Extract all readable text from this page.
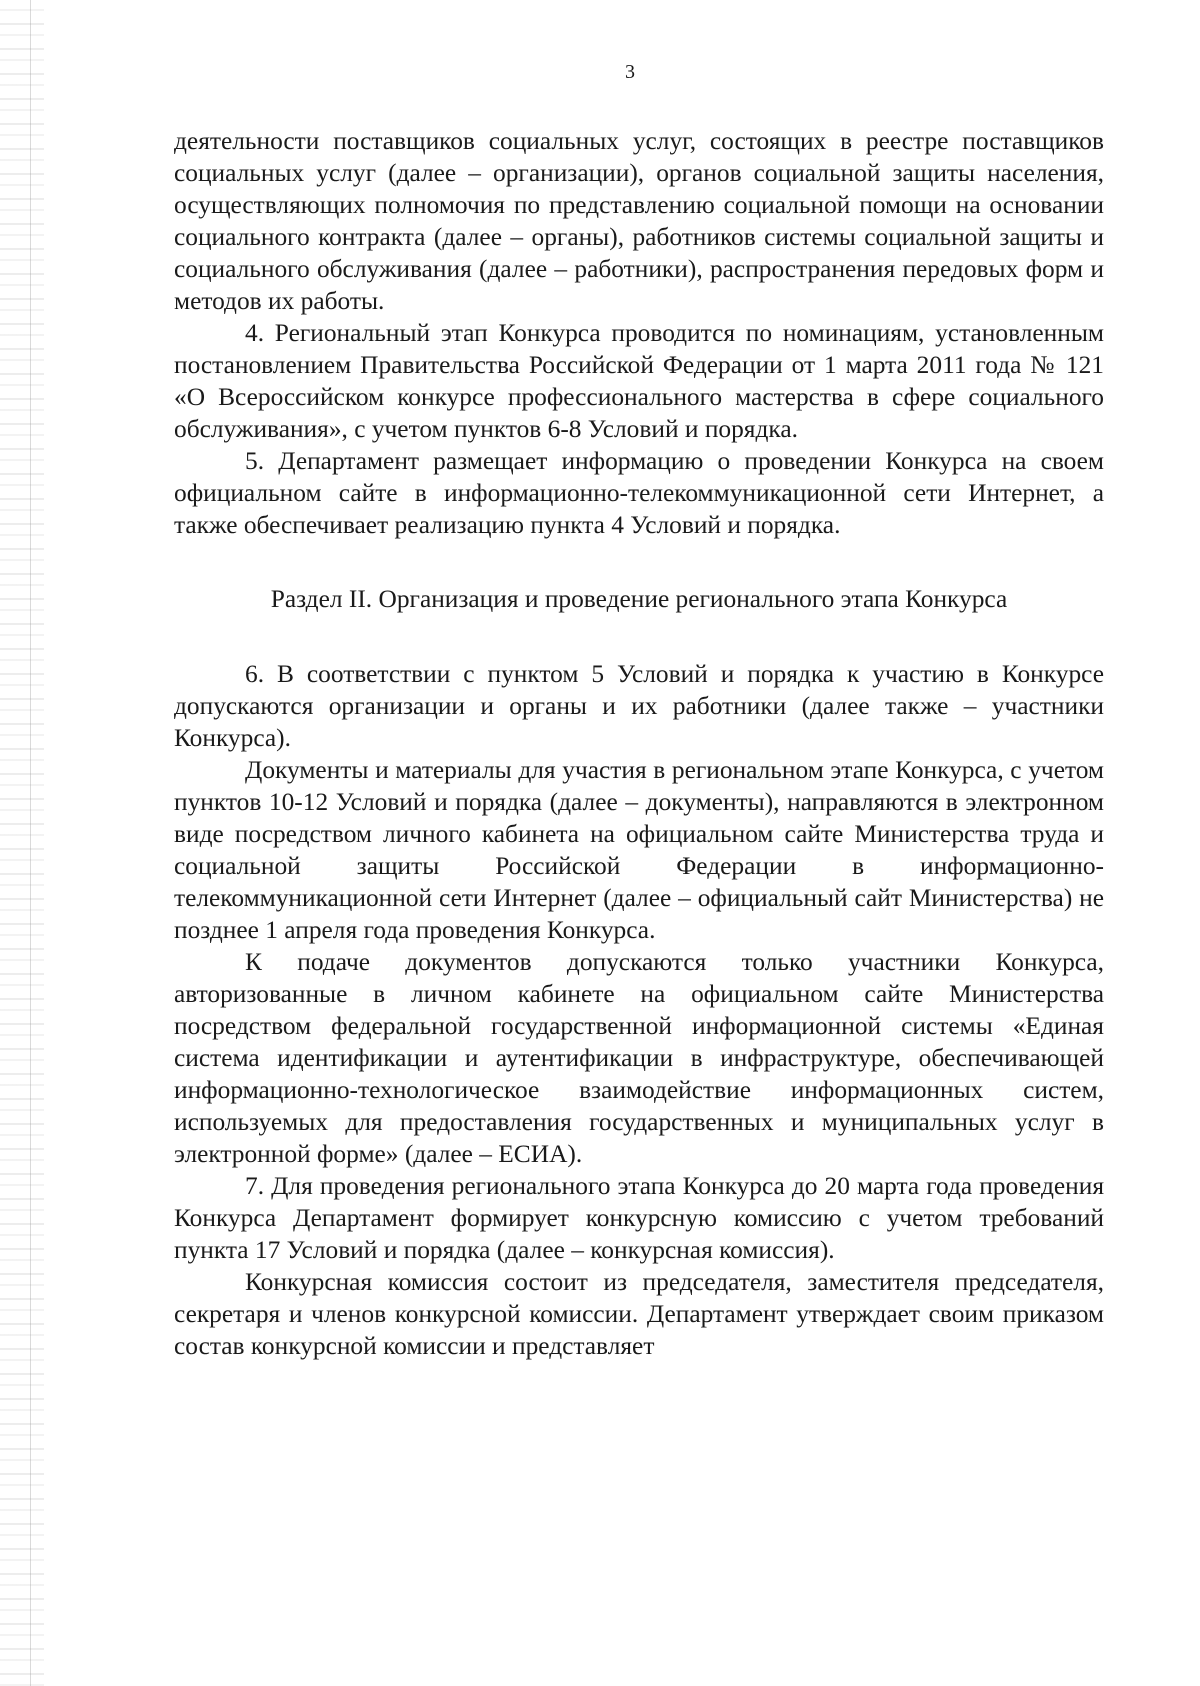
3

деятельности поставщиков социальных услуг, состоящих в реестре поставщиков социальных услуг (далее – организации), органов социальной защиты населения, осуществляющих полномочия по представлению социальной помощи на основании социального контракта (далее – органы), работников системы социальной защиты и социального обслуживания (далее – работники), распространения передовых форм и методов их работы.

4. Региональный этап Конкурса проводится по номинациям, установленным постановлением Правительства Российской Федерации от 1 марта 2011 года № 121 «О Всероссийском конкурсе профессионального мастерства в сфере социального обслуживания», с учетом пунктов 6-8 Условий и порядка.

5. Департамент размещает информацию о проведении Конкурса на своем официальном сайте в информационно-телекоммуникационной сети Интернет, а также обеспечивает реализацию пункта 4 Условий и порядка.

Раздел II. Организация и проведение регионального этапа Конкурса

6. В соответствии с пунктом 5 Условий и порядка к участию в Конкурсе допускаются организации и органы и их работники (далее также – участники Конкурса).

Документы и материалы для участия в региональном этапе Конкурса, с учетом пунктов 10-12 Условий и порядка (далее – документы), направляются в электронном виде посредством личного кабинета на официальном сайте Министерства труда и социальной защиты Российской Федерации в информационно-телекоммуникационной сети Интернет (далее – официальный сайт Министерства) не позднее 1 апреля года проведения Конкурса.

К подаче документов допускаются только участники Конкурса, авторизованные в личном кабинете на официальном сайте Министерства посредством федеральной государственной информационной системы «Единая система идентификации и аутентификации в инфраструктуре, обеспечивающей информационно-технологическое взаимодействие информационных систем, используемых для предоставления государственных и муниципальных услуг в электронной форме» (далее – ЕСИА).

7. Для проведения регионального этапа Конкурса до 20 марта года проведения Конкурса Департамент формирует конкурсную комиссию с учетом требований пункта 17 Условий и порядка (далее – конкурсная комиссия).

Конкурсная комиссия состоит из председателя, заместителя председателя, секретаря и членов конкурсной комиссии. Департамент утверждает своим приказом состав конкурсной комиссии и представляет
